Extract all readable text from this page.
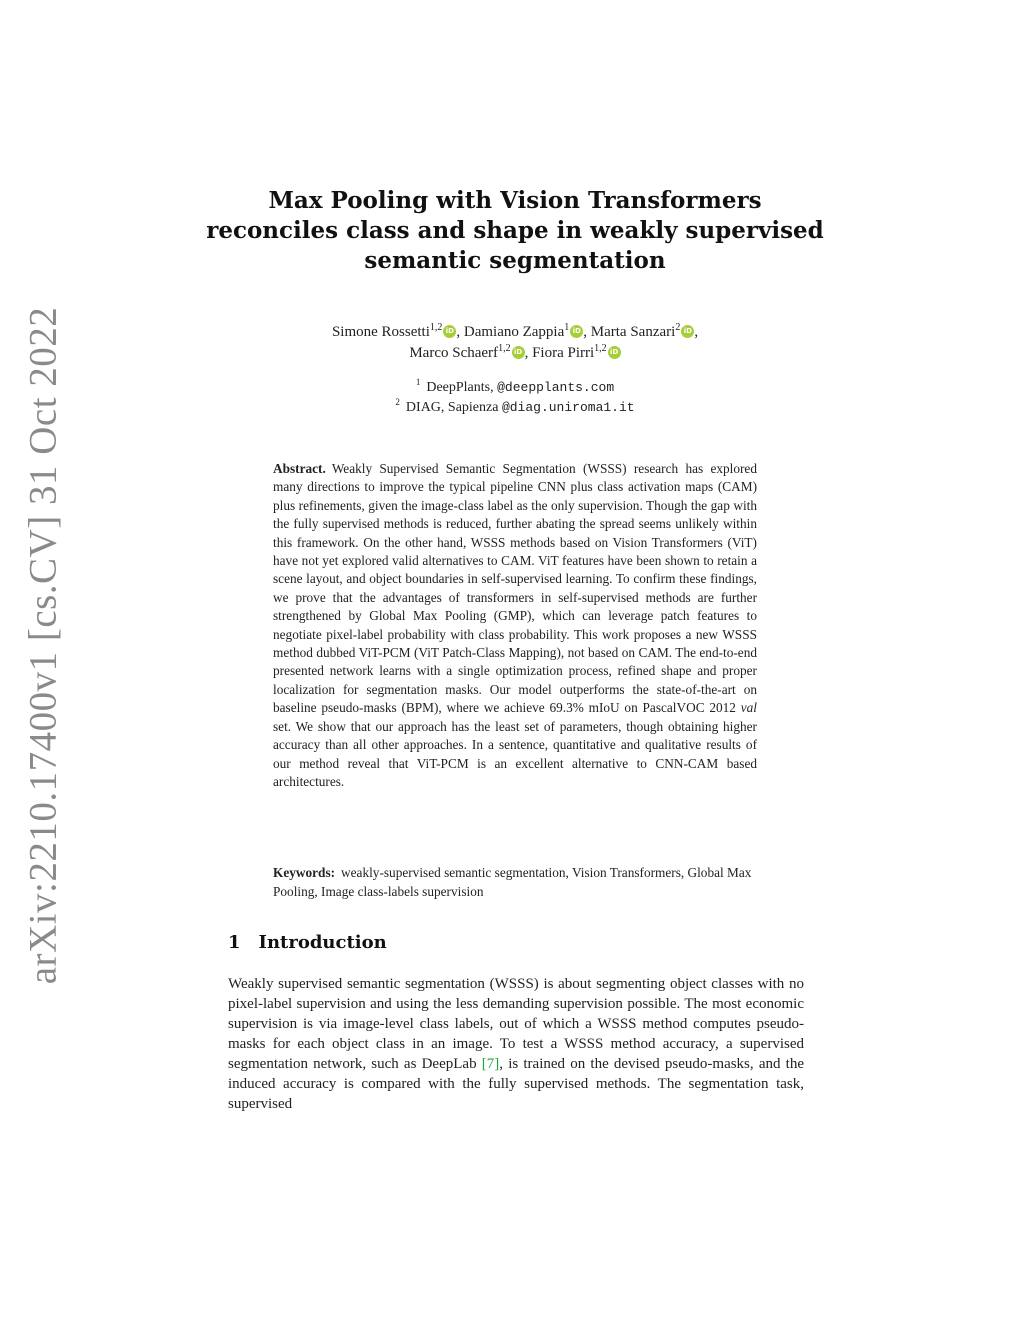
arXiv:2210.17400v1 [cs.CV] 31 Oct 2022
Max Pooling with Vision Transformers reconciles class and shape in weakly supervised semantic segmentation
Simone Rossetti$^{1,2}$ iD , Damiano Zappia$^1$ iD , Marta Sanzari$^2$ iD ,
Marco Schaerf$^{1,2}$ iD , Fiora Pirri$^{1,2}$ iD
$^1$ DeepPlants, @deepplants.com
$^2$ DIAG, Sapienza @diag.uniroma1.it
Abstract. Weakly Supervised Semantic Segmentation (WSSS) research has explored many directions to improve the typical pipeline CNN plus class activation maps (CAM) plus refinements, given the image-class label as the only supervision. Though the gap with the fully supervised methods is reduced, further abating the spread seems unlikely within this framework. On the other hand, WSSS methods based on Vision Transformers (ViT) have not yet explored valid alternatives to CAM. ViT features have been shown to retain a scene layout, and object boundaries in self-supervised learning. To confirm these findings, we prove that the advantages of transformers in self-supervised methods are further strengthened by Global Max Pooling (GMP), which can leverage patch features to negotiate pixel-label probability with class probability. This work proposes a new WSSS method dubbed ViT-PCM (ViT Patch-Class Mapping), not based on CAM. The end-to-end presented network learns with a single optimization process, refined shape and proper localization for segmentation masks. Our model outperforms the state-of-the-art on baseline pseudo-masks (BPM), where we achieve 69.3% mIoU on PascalVOC 2012 val set. We show that our approach has the least set of parameters, though obtaining higher accuracy than all other approaches. In a sentence, quantitative and qualitative results of our method reveal that ViT-PCM is an excellent alternative to CNN-CAM based architectures.
Keywords: weakly-supervised semantic segmentation, Vision Transformers, Global Max Pooling, Image class-labels supervision
1 Introduction
Weakly supervised semantic segmentation (WSSS) is about segmenting object classes with no pixel-label supervision and using the less demanding supervision possible. The most economic supervision is via image-level class labels, out of which a WSSS method computes pseudo-masks for each object class in an image. To test a WSSS method accuracy, a supervised segmentation network, such as DeepLab [7], is trained on the devised pseudo-masks, and the induced accuracy is compared with the fully supervised methods. The segmentation task, supervised
